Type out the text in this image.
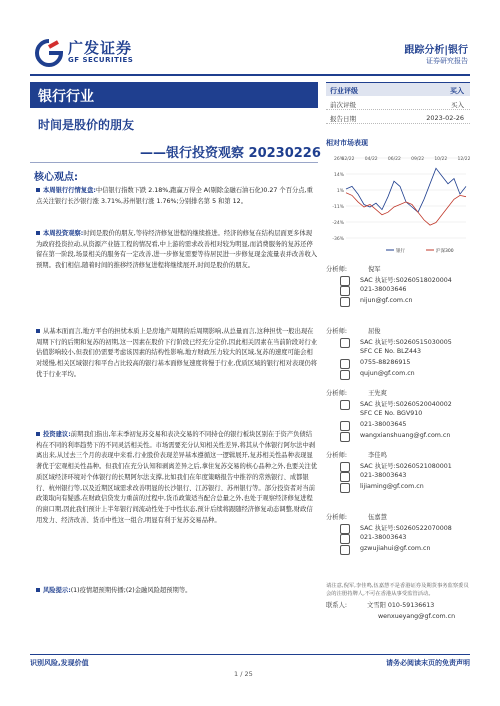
广发证券
GF SECURITIES
跟踪分析|银行
证券研究报告
银行行业
时间是股价的朋友
——银行投资观察 20230226
核心观点:
本周银行行情复盘:中信银行指数下跌 2.18%,跑赢万得全 A(剔除金融石油石化)0.27 个百分点,重点关注银行长沙银行涨 3.71%,苏州银行涨 1.76%;分别排名第 5 和第 12。
本周投资观察:时间是股价的朋友,等待经济修复进程的继续推进。经济的修复在结构层面更多体现为政府投资拉动,从资源产业链工程的情况看,中上游的需求改善相对较为明显,而消费服务的复苏还停留在第一阶段,场景相关的服务有一定改善,进一步修复需要等待居民进一步修复现金流量表并改善收入预期。我们相信,随着时间的推移经济修复进程将继续展开,时间是股价的朋友。
从基本面而言,地方平台的担忧本质上是房地产周期的后周期影响,从总量而言,这种担忧一般出现在周期下行的后期和复苏的初期,这一因素在股价下行阶段已经充分定价,因此相关因素在当前阶段对行业估值影响较小,但我们仍需要考虑该因素的结构性影响,地方财政压力较大的区域,复苏的速度可能会相对缓慢,相关区域银行和平台占比较高的银行基本面修复速度将慢于行业,优质区域的银行相对表现仍将优于行业平均。
投资建议:前期我们指出,年末季初复苏交易和表决交易的不同持仓的银行板块区别在于资产负债结构在不同的利率趋势下的不同灵活相关性。市场需要充分认知相关性差异,将其从个体银行阿尔法中剥离出来,从过去三个月的表现中来看,行业股价表现差异基本遵循这一逻辑展开,复苏相关性品种表现显著优于宏观相关性品种。但我们在充分认知和剥离差异之后,拿住复苏交易的核心品种之外,也要关注优质区域经济环境对个体银行的长期阿尔法支撑,比如我们在年度策略报告中推荐的常熟银行、成都银行、杭州银行等,以及近期区域需求改善明显的长沙银行、江苏银行、苏州银行等。部分投资者对当前政策取向有疑惑,在财政信贷发力重前的过程中,货币政策适当配合总量之外,也处于观察经济修复进程的窗口期,因此我们预计上半年银行间流动性处于中性状态,预计后续将跟随经济修复动态调整,财政信用发力、经济改善、货币中性这一组合,明显有利于复苏交易品种。
风险提示:(1)疫情超预期传播;(2)金融风险超预期等。
行业评级	买入
前次评级	买入
报告日期	2023-02-26
相对市场表现
26%
14%
1%
-11%
-24%
-36%
02/22 04/22 06/22 09/22 10/22 12/22
银行	沪深300
分析师:	倪军
SAC 执证号:S0260518020004
021-38003646
nijun@gf.com.cn
分析师:	屈俊
SAC 执证号:S0260515030005
SFC CE No. BLZ443
0755-88286915
qujun@gf.com.cn
分析师:	王先爽
SAC 执证号:S0260520040002
SFC CE No. BGV910
021-38003645
wangxianshuang@gf.com.cn
分析师:	李佳鸣
SAC 执证号:S0260521080001
021-38003643
lijiaming@gf.com.cn
分析师:	伍嘉慧
SAC 执证号:S0260522070008
021-38003643
gzwujiahui@gf.com.cn
请注意,倪军,李佳鸣,伍嘉慧不是香港证券及期货事务监察委员会的注册持牌人,不可在香港从事受监管活动。
联系人:	文雪阳 010-59136613
wenxueyang@gf.com.cn
识别风险,发现价值	请务必阅读末页的免责声明
1 / 25
